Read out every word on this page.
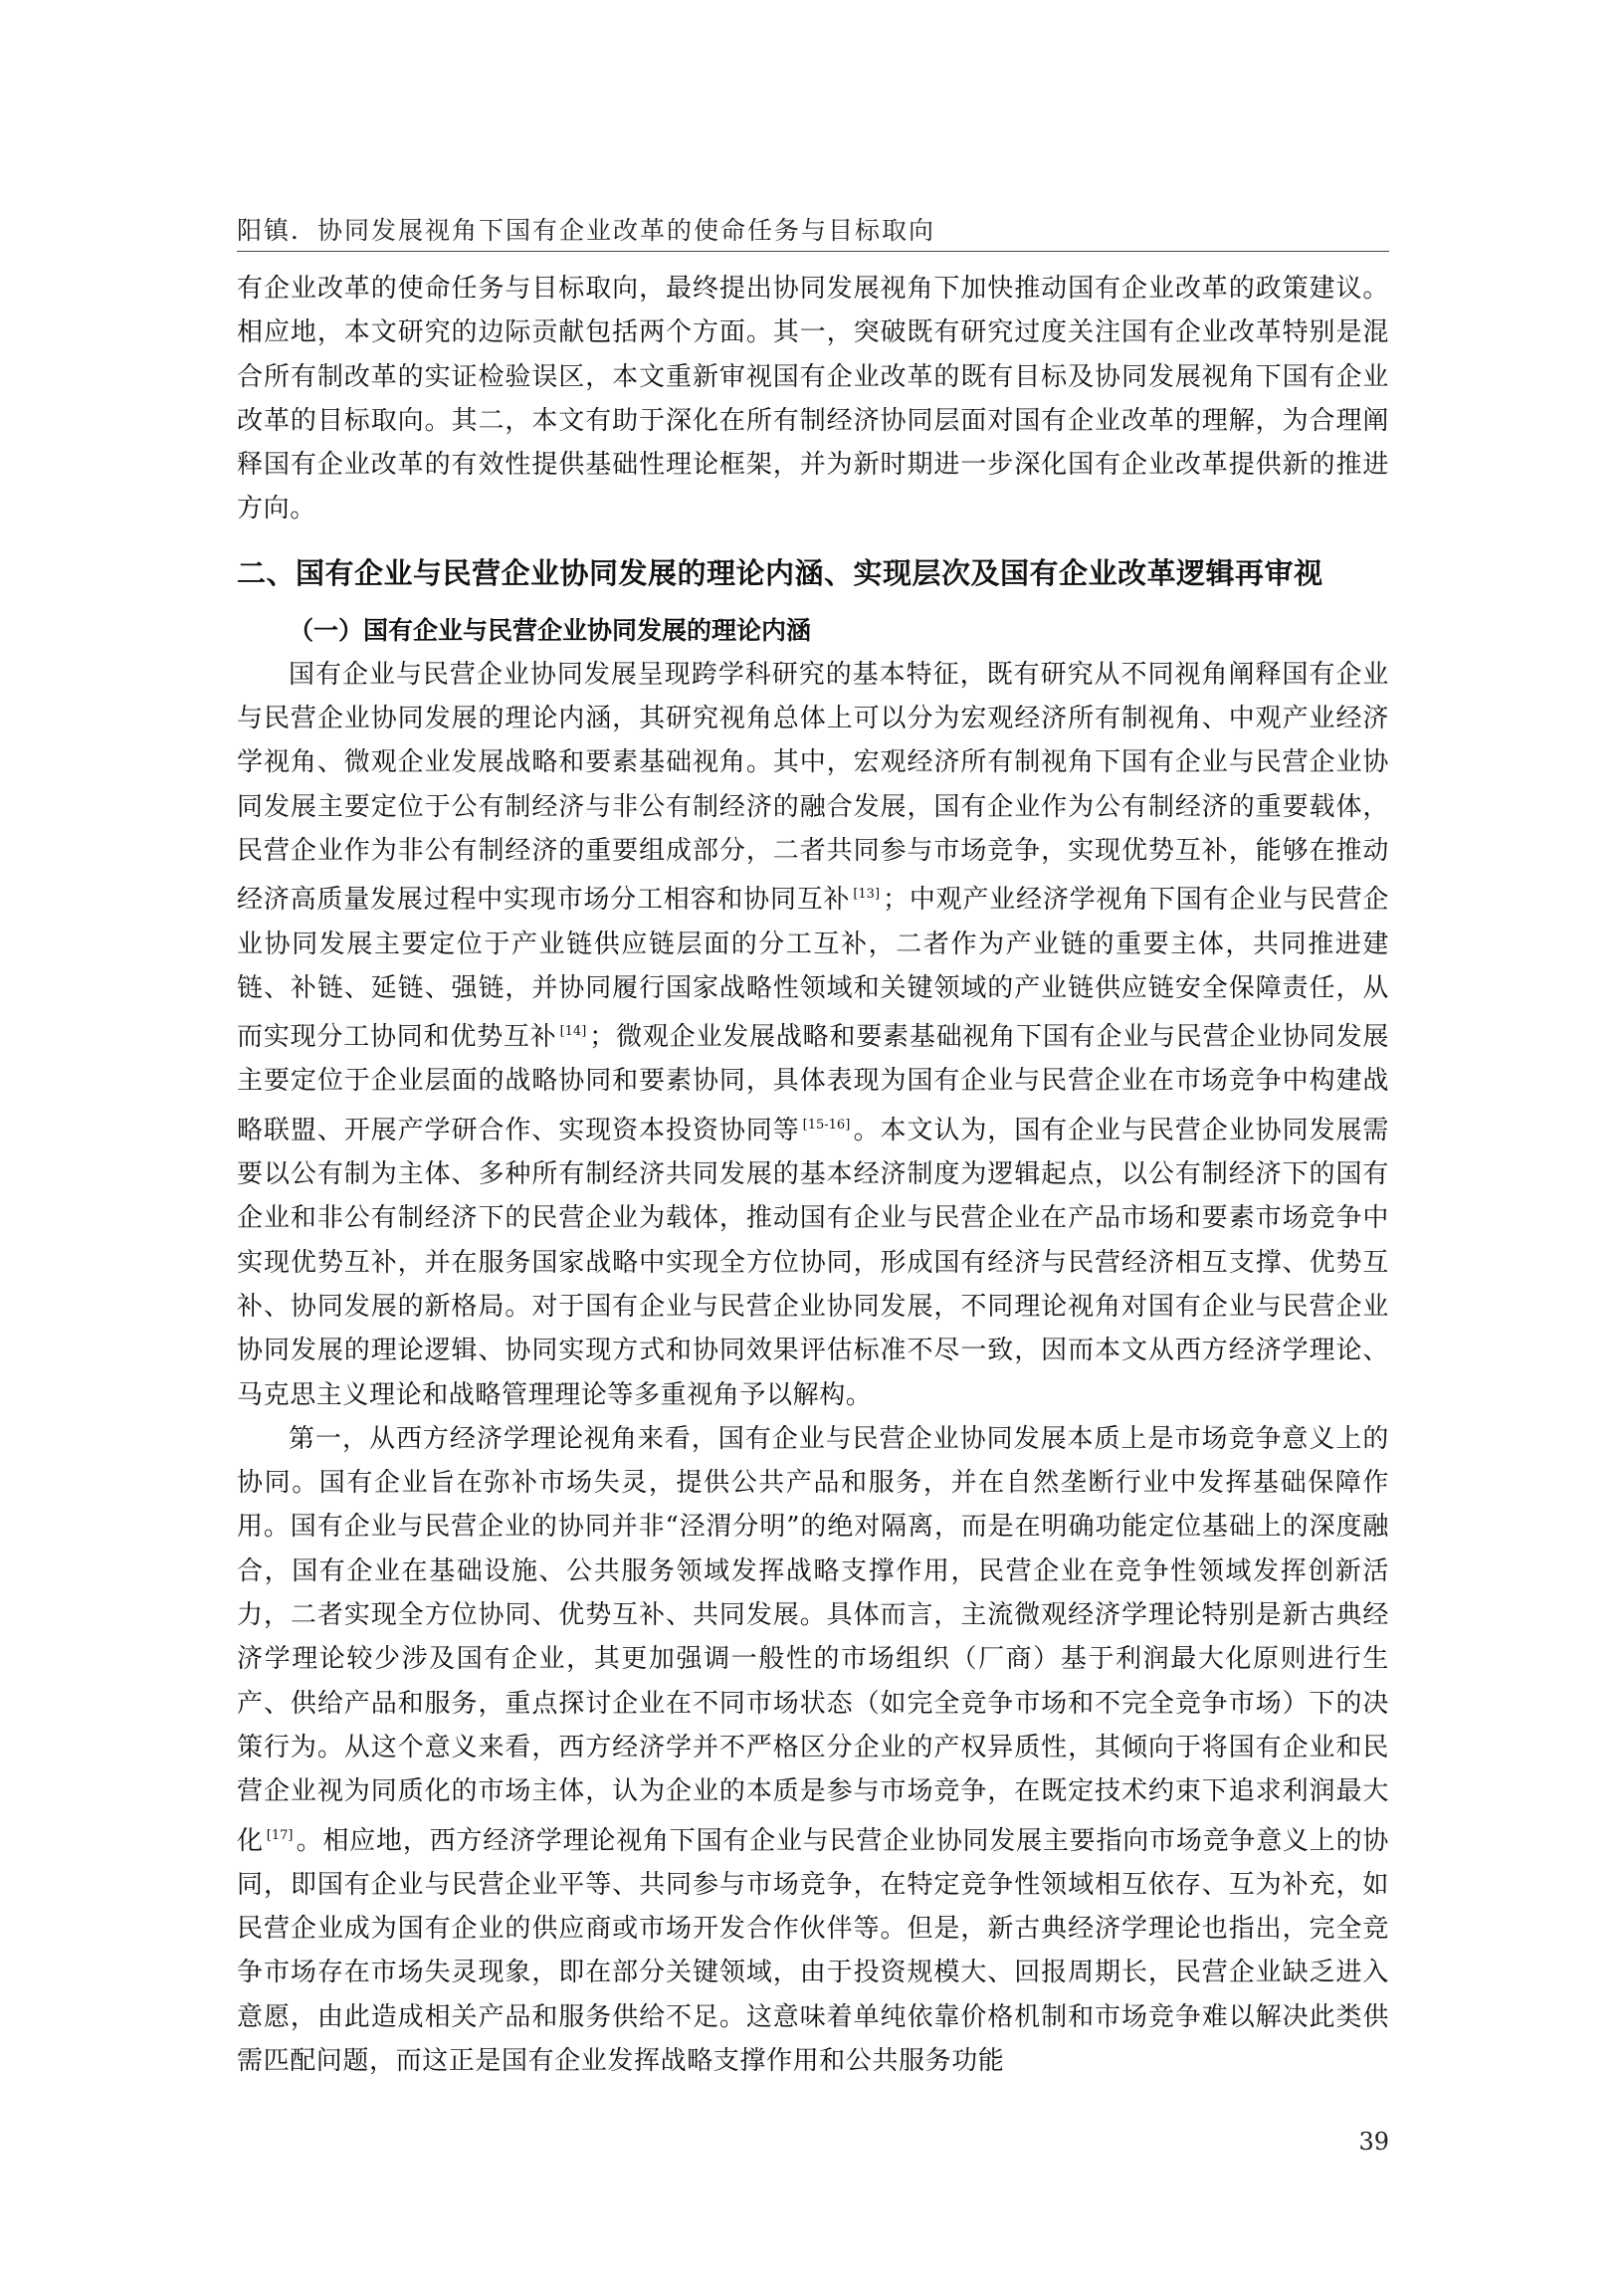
阳镇．协同发展视角下国有企业改革的使命任务与目标取向

有企业改革的使命任务与目标取向，最终提出协同发展视角下加快推动国有企业改革的政策建议。相应地，本文研究的边际贡献包括两个方面。其一，突破既有研究过度关注国有企业改革特别是混合所有制改革的实证检验误区，本文重新审视国有企业改革的既有目标及协同发展视角下国有企业改革的目标取向。其二，本文有助于深化在所有制经济协同层面对国有企业改革的理解，为合理阐释国有企业改革的有效性提供基础性理论框架，并为新时期进一步深化国有企业改革提供新的推进方向。

二、国有企业与民营企业协同发展的理论内涵、实现层次及国有企业改革逻辑再审视
（一）国有企业与民营企业协同发展的理论内涵

国有企业与民营企业协同发展呈现跨学科研究的基本特征，既有研究从不同视角阐释国有企业与民营企业协同发展的理论内涵，其研究视角总体上可以分为宏观经济所有制视角、中观产业经济学视角、微观企业发展战略和要素基础视角。其中，宏观经济所有制视角下国有企业与民营企业协同发展主要定位于公有制经济与非公有制经济的融合发展，国有企业作为公有制经济的重要载体，民营企业作为非公有制经济的重要组成部分，二者共同参与市场竞争，实现优势互补，能够在推动经济高质量发展过程中实现市场分工相容和协同互补 [13] ；中观产业经济学视角下国有企业与民营企业协同发展主要定位于产业链供应链层面的分工互补，二者作为产业链的重要主体，共同推进建链、补链、延链、强链，并协同履行国家战略性领域和关键领域的产业链供应链安全保障责任，从而实现分工协同和优势互补 [14] ；微观企业发展战略和要素基础视角下国有企业与民营企业协同发展主要定位于企业层面的战略协同和要素协同，具体表现为国有企业与民营企业在市场竞争中构建战略联盟、开展产学研合作、实现资本投资协同等 [15-16] 。本文认为，国有企业与民营企业协同发展需要以公有制为主体、多种所有制经济共同发展的基本经济制度为逻辑起点，以公有制经济下的国有企业和非公有制经济下的民营企业为载体，推动国有企业与民营企业在产品市场和要素市场竞争中实现优势互补，并在服务国家战略中实现全方位协同，形成国有经济与民营经济相互支撑、优势互补、协同发展的新格局。对于国有企业与民营企业协同发展，不同理论视角对国有企业与民营企业协同发展的理论逻辑、协同实现方式和协同效果评估标准不尽一致，因而本文从西方经济学理论、马克思主义理论和战略管理理论等多重视角予以解构。

第一，从西方经济学理论视角来看，国有企业与民营企业协同发展本质上是市场竞争意义上的协同。国有企业旨在弥补市场失灵，提供公共产品和服务，并在自然垄断行业中发挥基础保障作用。国有企业与民营企业的协同并非“泾渭分明”的绝对隔离，而是在明确功能定位基础上的深度融合，国有企业在基础设施、公共服务领域发挥战略支撑作用，民营企业在竞争性领域发挥创新活力，二者实现全方位协同、优势互补、共同发展。具体而言，主流微观经济学理论特别是新古典经济学理论较少涉及国有企业，其更加强调一般性的市场组织（厂商）基于利润最大化原则进行生产、供给产品和服务，重点探讨企业在不同市场状态（如完全竞争市场和不完全竞争市场）下的决策行为。从这个意义来看，西方经济学并不严格区分企业的产权异质性，其倾向于将国有企业和民营企业视为同质化的市场主体，认为企业的本质是参与市场竞争，在既定技术约束下追求利润最大化 [17] 。相应地，西方经济学理论视角下国有企业与民营企业协同发展主要指向市场竞争意义上的协同，即国有企业与民营企业平等、共同参与市场竞争，在特定竞争性领域相互依存、互为补充，如民营企业成为国有企业的供应商或市场开发合作伙伴等。但是，新古典经济学理论也指出，完全竞争市场存在市场失灵现象，即在部分关键领域，由于投资规模大、回报周期长，民营企业缺乏进入意愿，由此造成相关产品和服务供给不足。这意味着单纯依靠价格机制和市场竞争难以解决此类供需匹配问题，而这正是国有企业发挥战略支撑作用和公共服务功能

39
